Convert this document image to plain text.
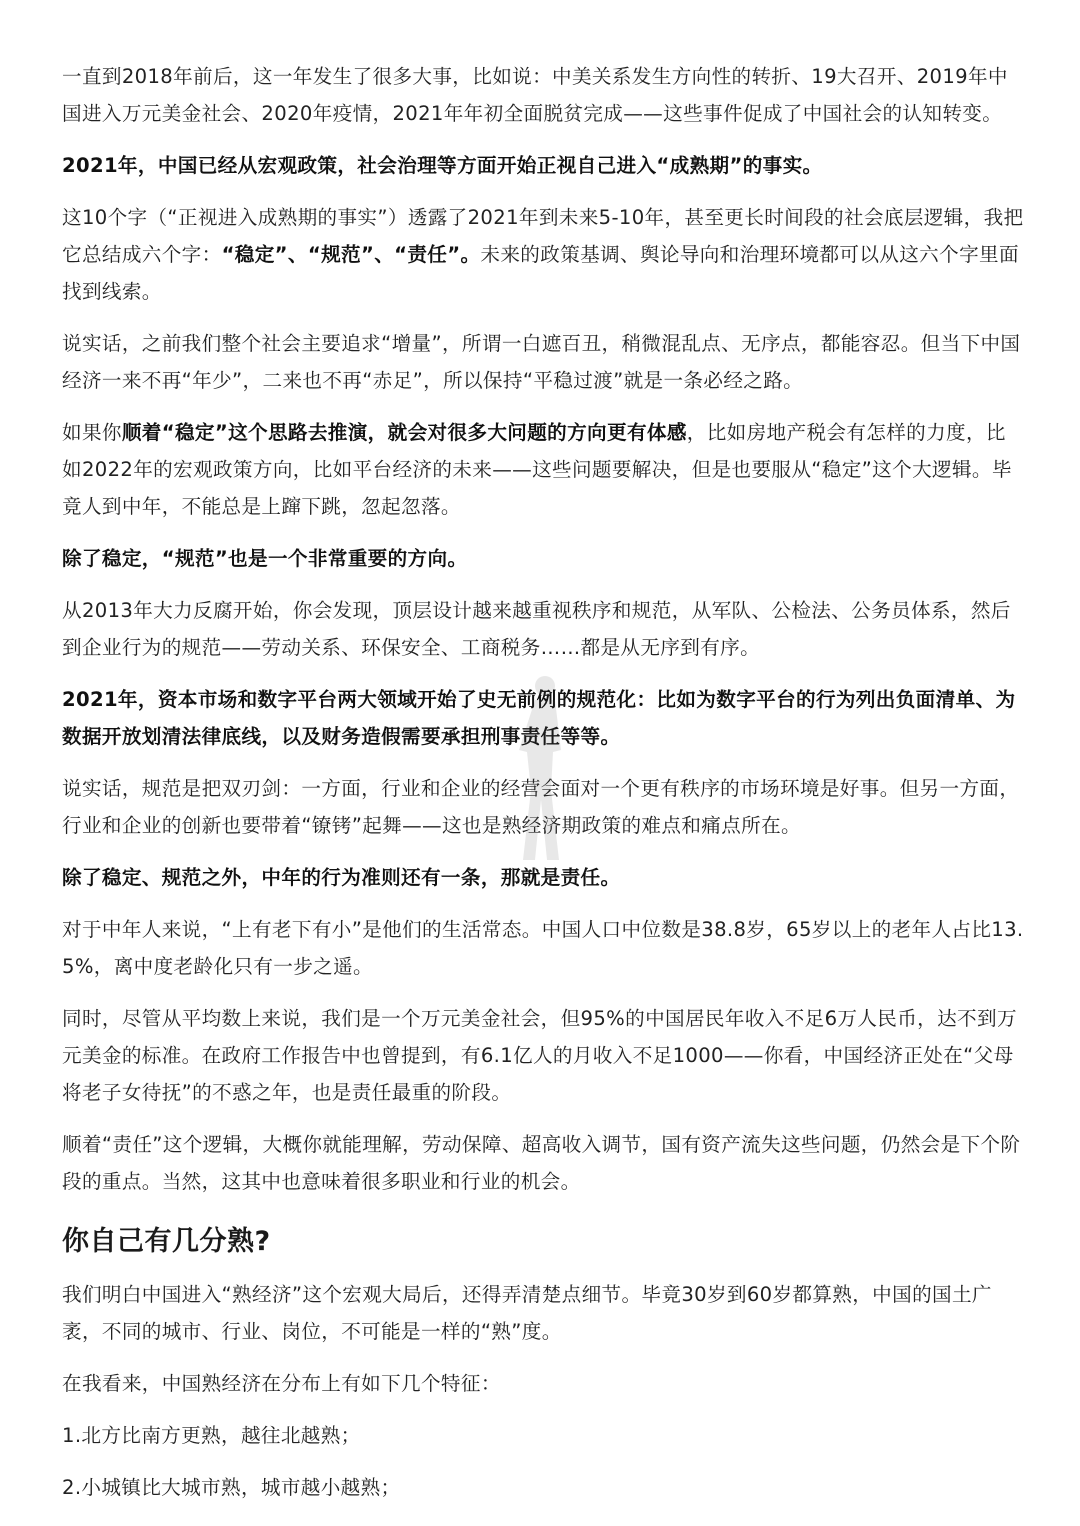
一直到2018年前后，这一年发生了很多大事，比如说：中美关系发生方向性的转折、19大召开、2019年中国进入万元美金社会、2020年疫情，2021年年初全面脱贫完成——这些事件促成了中国社会的认知转变。

2021年，中国已经从宏观政策，社会治理等方面开始正视自己进入“成熟期”的事实。

这10个字（“正视进入成熟期的事实”）透露了2021年到未来5-10年，甚至更长时间段的社会底层逻辑，我把它总结成六个字：“稳定”、“规范”、“责任”。未来的政策基调、舆论导向和治理环境都可以从这六个字里面找到线索。

说实话，之前我们整个社会主要追求“增量”，所谓一白遮百丑，稍微混乱点、无序点，都能容忍。但当下中国经济一来不再“年少”，二来也不再“赤足”，所以保持“平稳过渡”就是一条必经之路。

如果你顺着“稳定”这个思路去推演，就会对很多大问题的方向更有体感，比如房地产税会有怎样的力度，比如2022年的宏观政策方向，比如平台经济的未来——这些问题要解决，但是也要服从“稳定”这个大逻辑。毕竟人到中年，不能总是上蹿下跳，忽起忽落。

除了稳定，“规范”也是一个非常重要的方向。

从2013年大力反腐开始，你会发现，顶层设计越来越重视秩序和规范，从军队、公检法、公务员体系，然后到企业行为的规范——劳动关系、环保安全、工商税务……都是从无序到有序。

2021年，资本市场和数字平台两大领域开始了史无前例的规范化：比如为数字平台的行为列出负面清单、为数据开放划清法律底线，以及财务造假需要承担刑事责任等等。

说实话，规范是把双刃剑：一方面，行业和企业的经营会面对一个更有秩序的市场环境是好事。但另一方面，行业和企业的创新也要带着“镣铐”起舞——这也是熟经济期政策的难点和痛点所在。

除了稳定、规范之外，中年的行为准则还有一条，那就是责任。

对于中年人来说，“上有老下有小”是他们的生活常态。中国人口中位数是38.8岁，65岁以上的老年人占比13.5%，离中度老龄化只有一步之遥。

同时，尽管从平均数上来说，我们是一个万元美金社会，但95%的中国居民年收入不足6万人民币，达不到万元美金的标准。在政府工作报告中也曾提到，有6.1亿人的月收入不足1000——你看，中国经济正处在“父母将老子女待抚”的不惑之年，也是责任最重的阶段。

顺着“责任”这个逻辑，大概你就能理解，劳动保障、超高收入调节，国有资产流失这些问题，仍然会是下个阶段的重点。当然，这其中也意味着很多职业和行业的机会。

你自己有几分熟?

我们明白中国进入“熟经济”这个宏观大局后，还得弄清楚点细节。毕竟30岁到60岁都算熟，中国的国土广袤，不同的城市、行业、岗位，不可能是一样的“熟”度。

在我看来，中国熟经济在分布上有如下几个特征：

1.北方比南方更熟，越往北越熟；

2.小城镇比大城市熟，城市越小越熟；
